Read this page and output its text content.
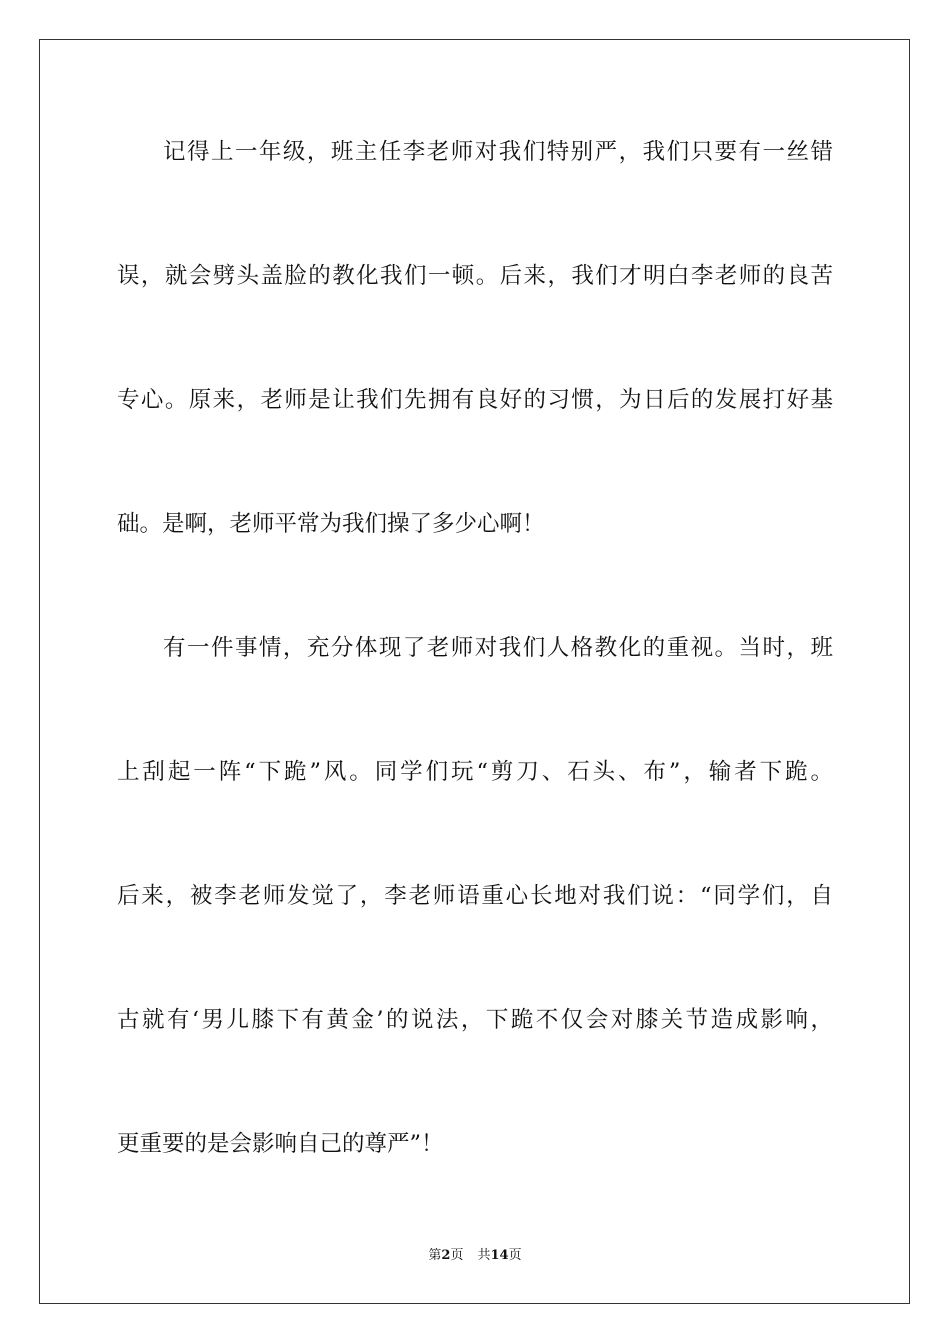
记得上一年级，班主任李老师对我们特别严，我们只要有一丝错
误，就会劈头盖脸的教化我们一顿。后来，我们才明白李老师的良苦
专心。原来，老师是让我们先拥有良好的习惯，为日后的发展打好基
础。是啊，老师平常为我们操了多少心啊！
有一件事情，充分体现了老师对我们人格教化的重视。当时，班
上刮起一阵“下跪”风。同学们玩“剪刀、石头、布”，输者下跪。
后来，被李老师发觉了，李老师语重心长地对我们说：“同学们，自
古就有‘男儿膝下有黄金’的说法，下跪不仅会对膝关节造成影响，
更重要的是会影响自己的尊严”！
第2页 共14页
